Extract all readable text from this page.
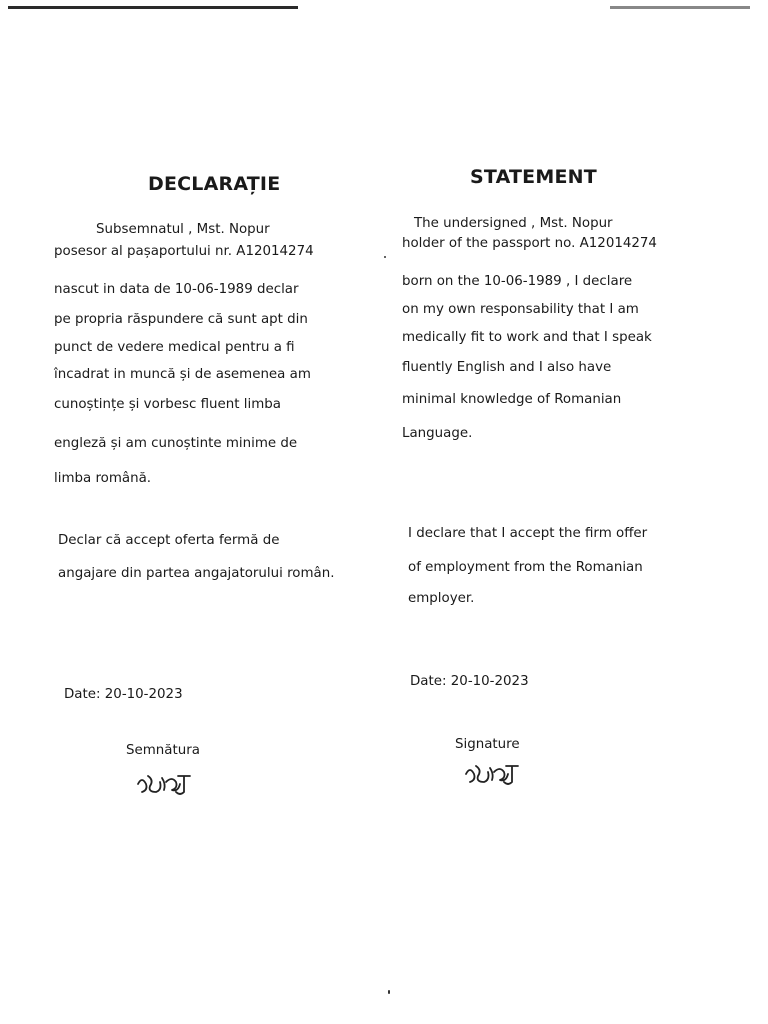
DECLARAȚIE
Subsemnatul , Mst. Nopur
posesor al pașaportului nr. A12014274
nascut in data de 10-06-1989 declar
pe propria răspundere că sunt apt din
punct de vedere medical pentru a fi
încadrat in muncă și de asemenea am
cunoștințe și vorbesc fluent limba
engleză și am cunoștinte minime de
limba română.
Declar că accept oferta fermă de
angajare din partea angajatorului român.
Date: 20-10-2023
Semnătura
STATEMENT
The undersigned , Mst. Nopur
holder of the passport no. A12014274
born on the 10-06-1989 , I declare
on my own responsability that I am
medically fit to work and that I speak
fluently English and I also have
minimal knowledge of Romanian
Language.
I declare that I accept the firm offer
of employment from the Romanian
employer.
Date: 20-10-2023
Signature
